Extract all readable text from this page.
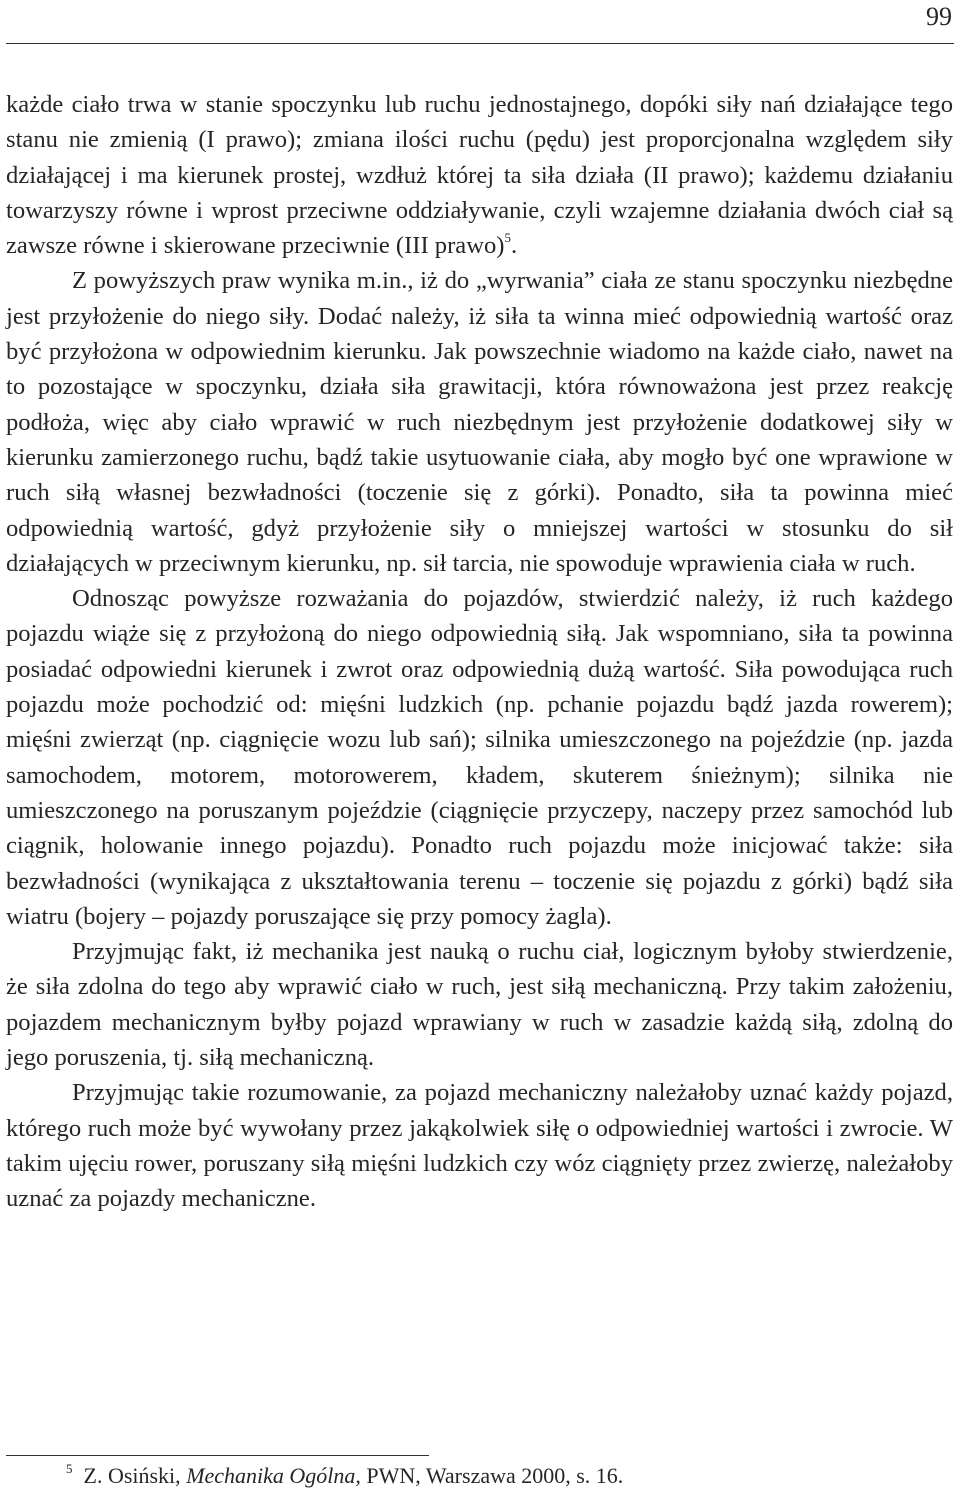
99

każde ciało trwa w stanie spoczynku lub ruchu jednostajnego, dopóki siły nań działające tego stanu nie zmienią (I prawo); zmiana ilości ruchu (pędu) jest proporcjonalna względem siły działającej i ma kierunek prostej, wzdłuż której ta siła działa (II prawo); każdemu działaniu towarzyszy równe i wprost przeciwne oddziaływanie, czyli wzajemne działania dwóch ciał są zawsze równe i skierowane przeciwnie (III prawo)$^5$.

Z powyższych praw wynika m.in., iż do „wyrwania” ciała ze stanu spoczynku niezbędne jest przyłożenie do niego siły. Dodać należy, iż siła ta winna mieć odpowiednią wartość oraz być przyłożona w odpowiednim kierunku. Jak powszechnie wiadomo na każde ciało, nawet na to pozostające w spoczynku, działa siła grawitacji, która równoważona jest przez reakcję podłoża, więc aby ciało wprawić w ruch niezbędnym jest przyłożenie dodatkowej siły w kierunku zamierzonego ruchu, bądź takie usytuowanie ciała, aby mogło być one wprawione w ruch siłą własnej bezwładności (toczenie się z górki). Ponadto, siła ta powinna mieć odpowiednią wartość, gdyż przyłożenie siły o mniejszej wartości w stosunku do sił działających w przeciwnym kierunku, np. sił tarcia, nie spowoduje wprawienia ciała w ruch.

Odnosząc powyższe rozważania do pojazdów, stwierdzić należy, iż ruch każdego pojazdu wiąże się z przyłożoną do niego odpowiednią siłą. Jak wspomniano, siła ta powinna posiadać odpowiedni kierunek i zwrot oraz odpowiednią dużą wartość. Siła powodująca ruch pojazdu może pochodzić od: mięśni ludzkich (np. pchanie pojazdu bądź jazda rowerem); mięśni zwierząt (np. ciągnięcie wozu lub sań); silnika umieszczonego na pojeździe (np. jazda samochodem, motorem, motorowerem, kładem, skuterem śnieżnym); silnika nie umieszczonego na poruszanym pojeździe (ciągnięcie przyczepy, naczepy przez samochód lub ciągnik, holowanie innego pojazdu). Ponadto ruch pojazdu może inicjować także: siła bezwładności (wynikająca z ukształtowania terenu – toczenie się pojazdu z górki) bądź siła wiatru (bojery – pojazdy poruszające się przy pomocy żagla).

Przyjmując fakt, iż mechanika jest nauką o ruchu ciał, logicznym byłoby stwierdzenie, że siła zdolna do tego aby wprawić ciało w ruch, jest siłą mechaniczną. Przy takim założeniu, pojazdem mechanicznym byłby pojazd wprawiany w ruch w zasadzie każdą siłą, zdolną do jego poruszenia, tj. siłą mechaniczną.

Przyjmując takie rozumowanie, za pojazd mechaniczny należałoby uznać każdy pojazd, którego ruch może być wywołany przez jakąkolwiek siłę o odpowiedniej wartości i zwrocie. W takim ujęciu rower, poruszany siłą mięśni ludzkich czy wóz ciągnięty przez zwierzę, należałoby uznać za pojazdy mechaniczne.

$^5$ Z. Osiński, Mechanika Ogólna, PWN, Warszawa 2000, s. 16.
